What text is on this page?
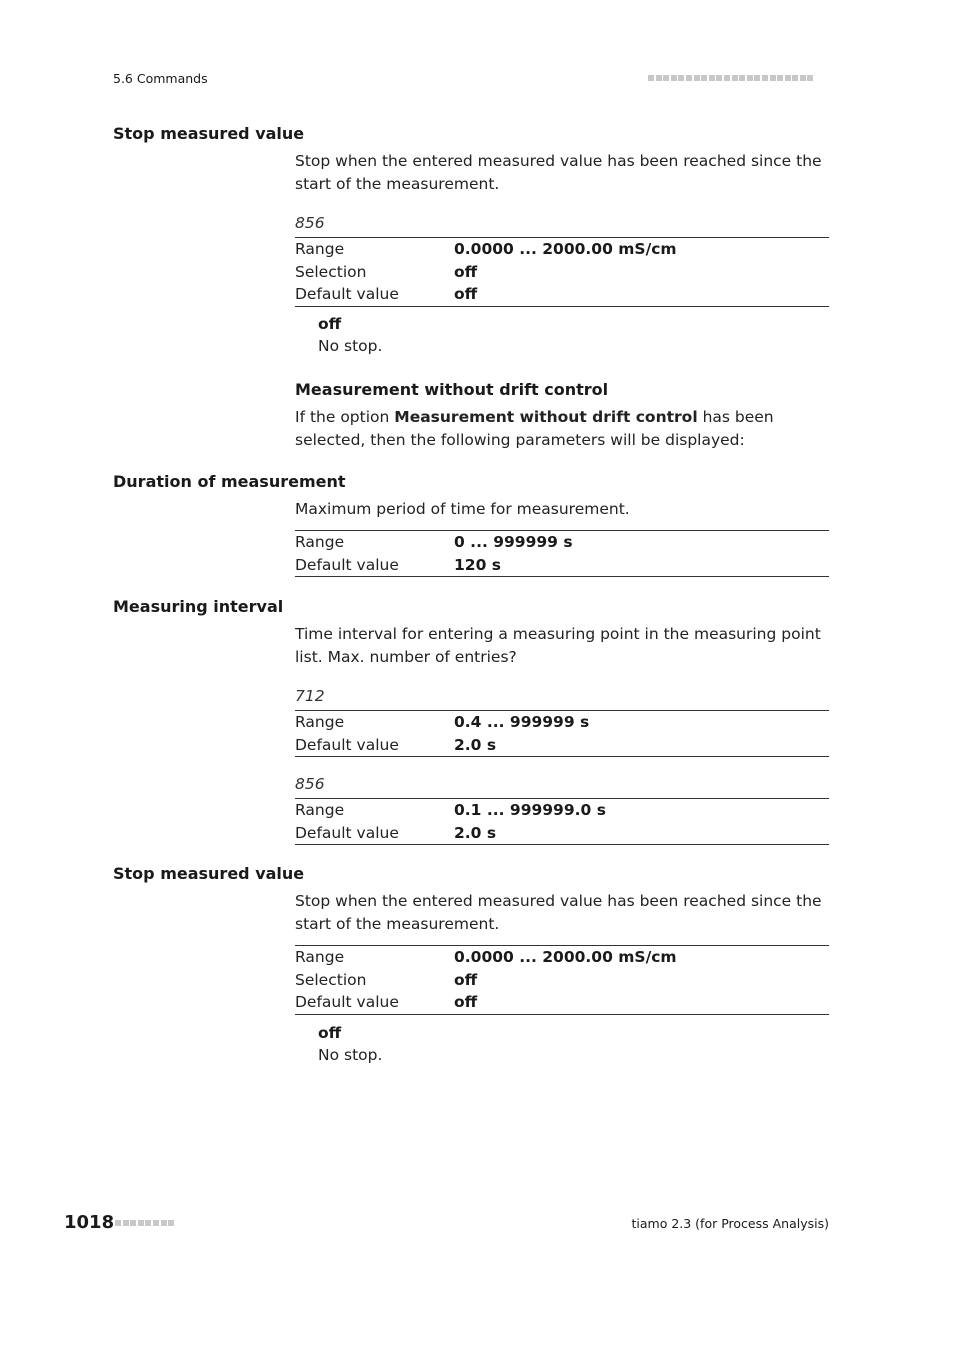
5.6 Commands
Stop measured value
Stop when the entered measured value has been reached since the start of the measurement.
856
Range	0.0000 ... 2000.00 mS/cm
Selection	off
Default value	off
off
No stop.
Measurement without drift control
If the option Measurement without drift control has been selected, then the following parameters will be displayed:
Duration of measurement
Maximum period of time for measurement.
Range	0 ... 999999 s
Default value	120 s
Measuring interval
Time interval for entering a measuring point in the measuring point list. Max. number of entries?
712
Range	0.4 ... 999999 s
Default value	2.0 s
856
Range	0.1 ... 999999.0 s
Default value	2.0 s
Stop measured value
Stop when the entered measured value has been reached since the start of the measurement.
Range	0.0000 ... 2000.00 mS/cm
Selection	off
Default value	off
off
No stop.
1018	tiamo 2.3 (for Process Analysis)
